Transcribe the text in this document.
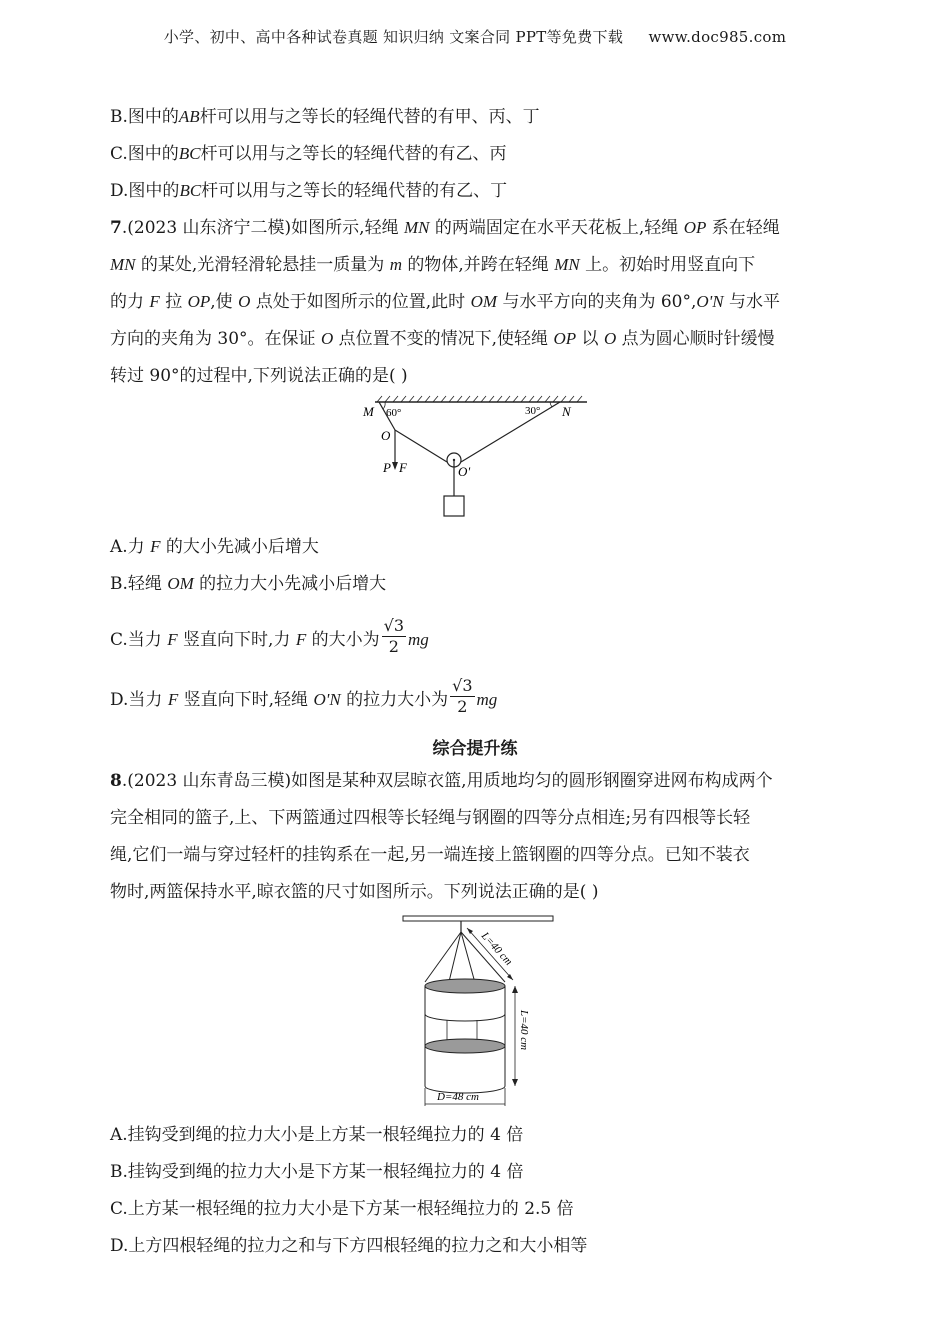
小学、初中、高中各种试卷真题 知识归纳 文案合同 PPT等免费下载 www.doc985.com
B.图中的AB杆可以用与之等长的轻绳代替的有甲、丙、丁
C.图中的BC杆可以用与之等长的轻绳代替的有乙、丙
D.图中的BC杆可以用与之等长的轻绳代替的有乙、丁
7.(2023 山东济宁二模)如图所示,轻绳 MN 的两端固定在水平天花板上,轻绳 OP 系在轻绳
MN 的某处,光滑轻滑轮悬挂一质量为 m 的物体,并跨在轻绳 MN 上。初始时用竖直向下
的力 F 拉 OP,使 O 点处于如图所示的位置,此时 OM 与水平方向的夹角为 60°,O'N 与水平
方向的夹角为 30°。在保证 O 点位置不变的情况下,使轻绳 OP 以 O 点为圆心顺时针缓慢
转过 90°的过程中,下列说法正确的是( )
M 60°	30° N
O
P F	O'
A.力 F 的大小先减小后增大
B.轻绳 OM 的拉力大小先减小后增大
C.当力 F 竖直向下时,力 F 的大小为 $\frac{√3}{2}$ mg
D.当力 F 竖直向下时,轻绳 O'N 的拉力大小为 $\frac{√3}{2}$ mg
综合提升练
8.(2023 山东青岛三模)如图是某种双层晾衣篮,用质地均匀的圆形钢圈穿进网布构成两个
完全相同的篮子,上、下两篮通过四根等长轻绳与钢圈的四等分点相连;另有四根等长轻
绳,它们一端与穿过轻杆的挂钩系在一起,另一端连接上篮钢圈的四等分点。已知不装衣
物时,两篮保持水平,晾衣篮的尺寸如图所示。下列说法正确的是( )
L=40 cm
L=40 cm
D=48 cm
A.挂钩受到绳的拉力大小是上方某一根轻绳拉力的 4 倍
B.挂钩受到绳的拉力大小是下方某一根轻绳拉力的 4 倍
C.上方某一根轻绳的拉力大小是下方某一根轻绳拉力的 2.5 倍
D.上方四根轻绳的拉力之和与下方四根轻绳的拉力之和大小相等
